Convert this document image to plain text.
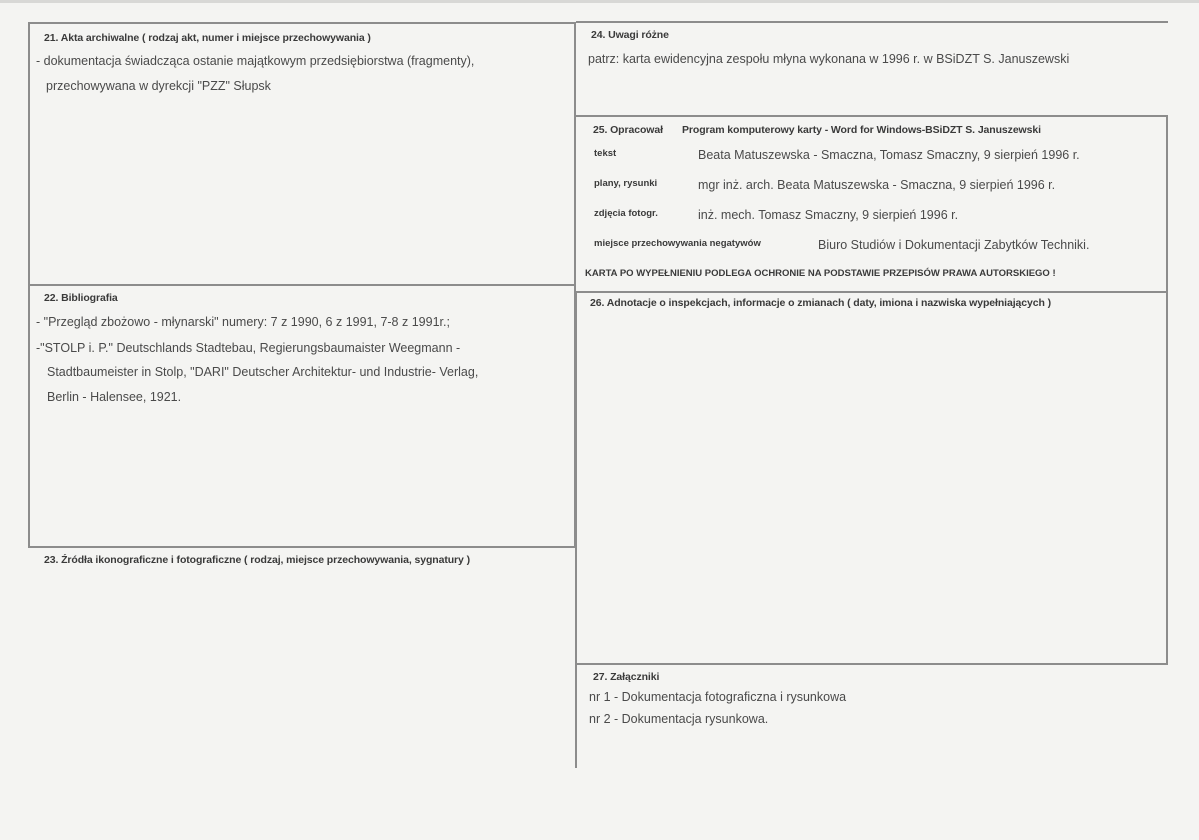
21. Akta archiwalne ( rodzaj akt, numer i miejsce przechowywania )
- dokumentacja świadcząca ostanie majątkowym przedsiębiorstwa (fragmenty),
przechowywana w dyrekcji "PZZ" Słupsk
24. Uwagi różne
patrz: karta ewidencyjna zespołu młyna wykonana w 1996 r. w BSiDZT S. Januszewski
25. Opracował Program komputerowy karty - Word for Windows-BSiDZT S. Januszewski
tekst	Beata Matuszewska - Smaczna, Tomasz Smaczny, 9 sierpień 1996 r.
plany, rysunki	mgr inż. arch. Beata Matuszewska - Smaczna, 9 sierpień 1996 r.
zdjęcia fotogr.	inż. mech. Tomasz Smaczny, 9 sierpień 1996 r.
miejsce przechowywania negatywów	Biuro Studiów i Dokumentacji Zabytków Techniki.
KARTA PO WYPEŁNIENIU PODLEGA OCHRONIE NA PODSTAWIE PRZEPISÓW PRAWA AUTORSKIEGO !
22. Bibliografia
- "Przegląd zbożowo - młynarski" numery: 7 z 1990, 6 z 1991, 7-8 z 1991r.;
-"STOLP i. P." Deutschlands Stadtebau, Regierungsbaumaister Weegmann -
Stadtbaumeister in Stolp, "DARI" Deutscher Architektur- und Industrie- Verlag,
Berlin - Halensee, 1921.
26. Adnotacje o inspekcjach, informacje o zmianach ( daty, imiona i nazwiska wypełniających )
23. Źródła ikonograficzne i fotograficzne ( rodzaj, miejsce przechowywania, sygnatury )
27. Załączniki
nr 1 - Dokumentacja fotograficzna i rysunkowa
nr 2 - Dokumentacja rysunkowa.
